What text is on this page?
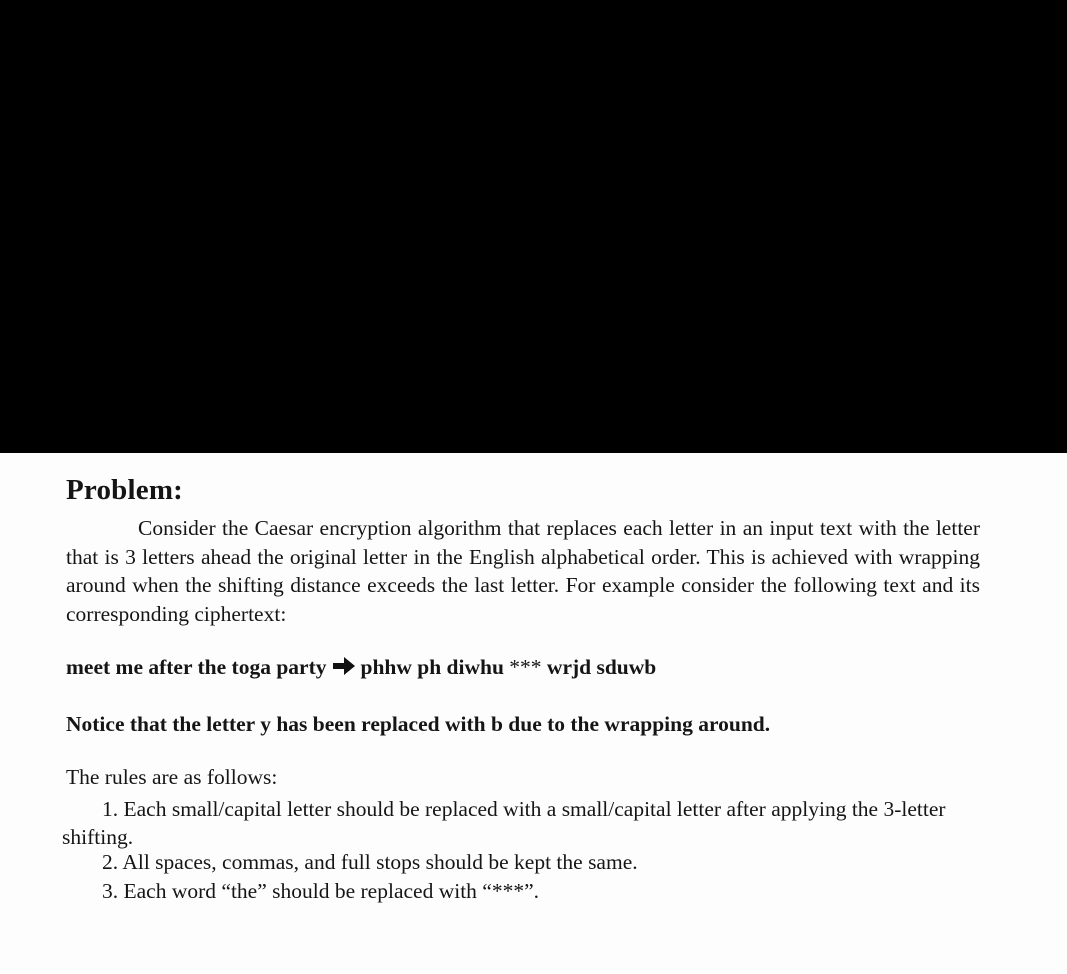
Problem:

Consider the Caesar encryption algorithm that replaces each letter in an input text with the letter that is 3 letters ahead the original letter in the English alphabetical order. This is achieved with wrapping around when the shifting distance exceeds the last letter. For example consider the following text and its corresponding ciphertext:

meet me after the toga party phhw ph diwhu *** wrjd sduwb
Notice that the letter y has been replaced with b due to the wrapping around.
The rules are as follows:

1. Each small/capital letter should be replaced with a small/capital letter after applying the 3-letter shifting.

2. All spaces, commas, and full stops should be kept the same.
3. Each word “the” should be replaced with “***”.
